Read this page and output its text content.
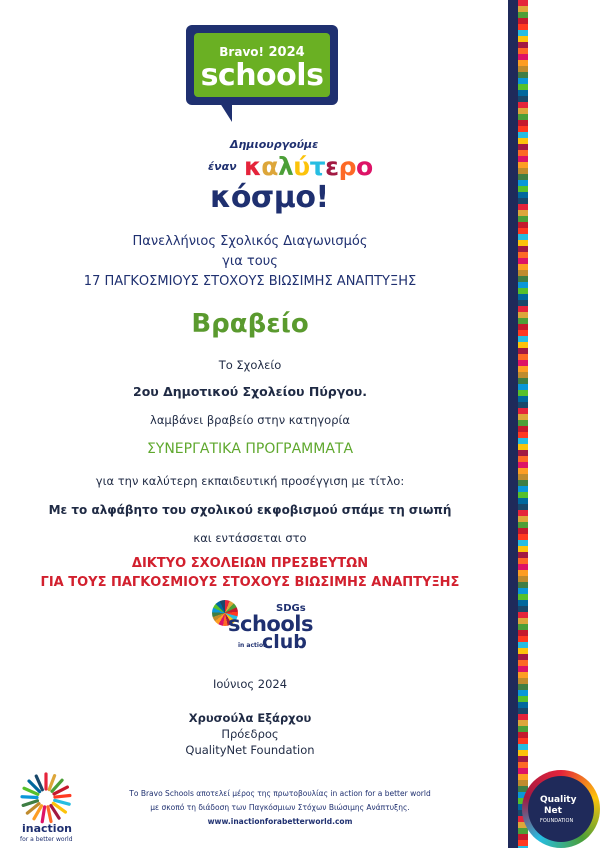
Bravo! 2024
schools
Δημιουργούμε
έναν καλύτερο
κόσμο!
Πανελλήνιος Σχολικός Διαγωνισμός
για τους
17 ΠΑΓΚΟΣΜΙΟΥΣ ΣΤΟΧΟΥΣ ΒΙΩΣΙΜΗΣ ΑΝΑΠΤΥΞΗΣ
Βραβείο
Το Σχολείο
2ου Δημοτικού Σχολείου Πύργου.
λαμβάνει βραβείο στην κατηγορία
ΣΥΝΕΡΓΑΤΙΚΑ ΠΡΟΓΡΑΜΜΑΤΑ
για την καλύτερη εκπαιδευτική προσέγγιση με τίτλο:
Με το αλφάβητο του σχολικού εκφοβισμού σπάμε τη σιωπή
και εντάσσεται στο
ΔΙΚΤΥΟ ΣΧΟΛΕΙΩΝ ΠΡΕΣΒΕΥΤΩΝ
ΓΙΑ ΤΟΥΣ ΠΑΓΚΟΣΜΙΟΥΣ ΣΤΟΧΟΥΣ ΒΙΩΣΙΜΗΣ ΑΝΑΠΤΥΞΗΣ
SDGs
schools
club
in action
Ιούνιος 2024
Χρυσούλα Εξάρχου
Πρόεδρος
QualityNet Foundation
Το Bravo Schools αποτελεί μέρος της πρωτοβουλίας in action for a better world
με σκοπό τη διάδοση των Παγκόσμιων Στόχων Βιώσιμης Ανάπτυξης.
www.inactionforabetterworld.com
inaction
for a better world
Quality
Net
FOUNDATION
